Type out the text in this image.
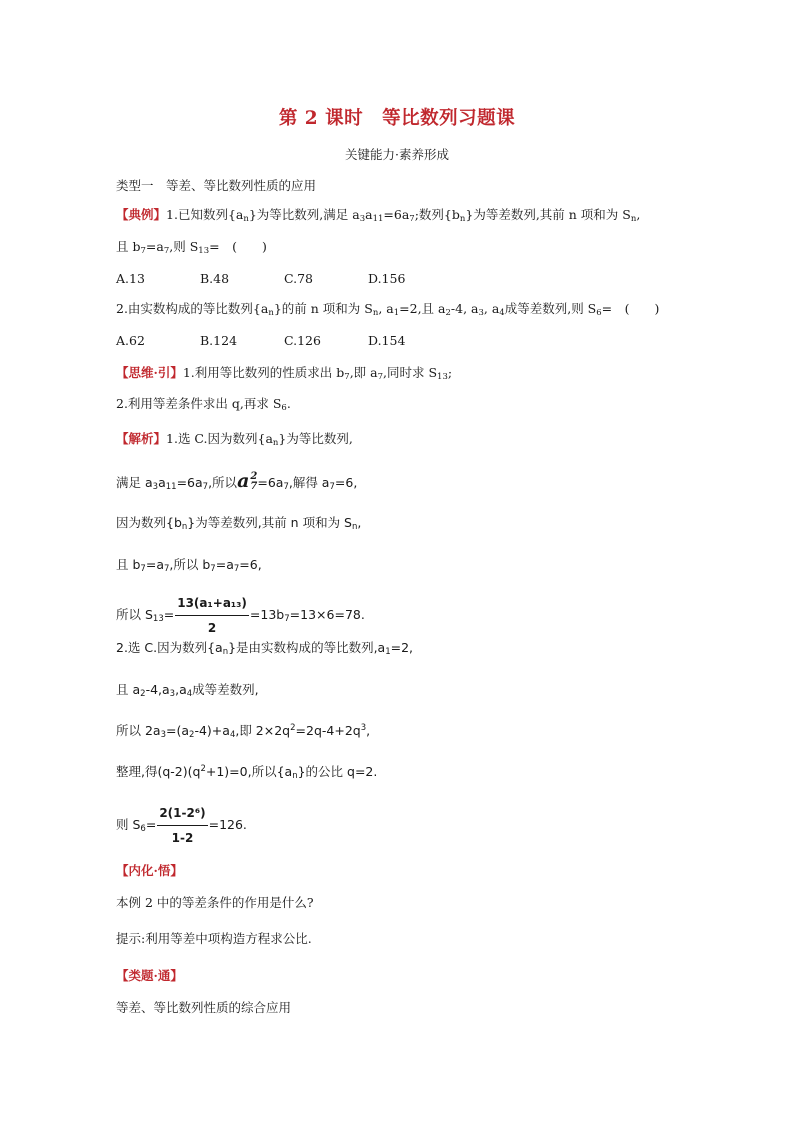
第 2 课时　等比数列习题课
关键能力·素养形成
类型一　等差、等比数列性质的应用
【典例】1.已知数列$\{a_n\}$为等比数列,满足 $a_3a_{11}=6a_7$;数列$\{b_n\}$为等差数列,其前 n 项和为 $S_n$,
且 $b_7=a_7$,则 $S_{13}=$　(　　)
A.13	B.48	C.78	D.156
2.由实数构成的等比数列$\{a_n\}$的前 n 项和为 $S_n$, $a_1=2$,且 $a_2-4$, $a_3$, $a_4$成等差数列,则 $S_6=$　(　　)
A.62	B.124	C.126	D.154
【思维·引】1.利用等比数列的性质求出 $b_7$,即 $a_7$,同时求 $S_{13}$;
2.利用等差条件求出 q,再求 $S_6$.
【解析】1.选 C.因为数列$\{a_n\}$为等比数列,
满足 $a_3a_{11}=6a_7$,所以a 2
$7 =6a_7$,解得 $a_7=6$,
因为数列$\{b_n\}$为等差数列,其前 n 项和为 $S_n$,
且 $b_7=a_7$,所以 $b_7=a_7=6$,
所以 $S_{13}= \frac{\text{13(a₁+a₁₃)}}{2} =13b_7=13\times 6=78$.
2.选 C.因为数列$\{a_n\}$是由实数构成的等比数列$,a_1=2$,
且 $a_2-4,a_3,a_4$成等差数列,
所以 $2a_3=(a_2-4)+a_4$,即 $2\times 2q^2=2q-4+2q^3$,
整理,得$(q-2)(q^2+1)=0$,所以$\{a_n\}$的公比 q=2.
则 $S_6= \frac{\text{2(1-2⁶)}}{1-2} =126$.
【内化·悟】
本例 2 中的等差条件的作用是什么?
提示:利用等差中项构造方程求公比.
【类题·通】
等差、等比数列性质的综合应用
